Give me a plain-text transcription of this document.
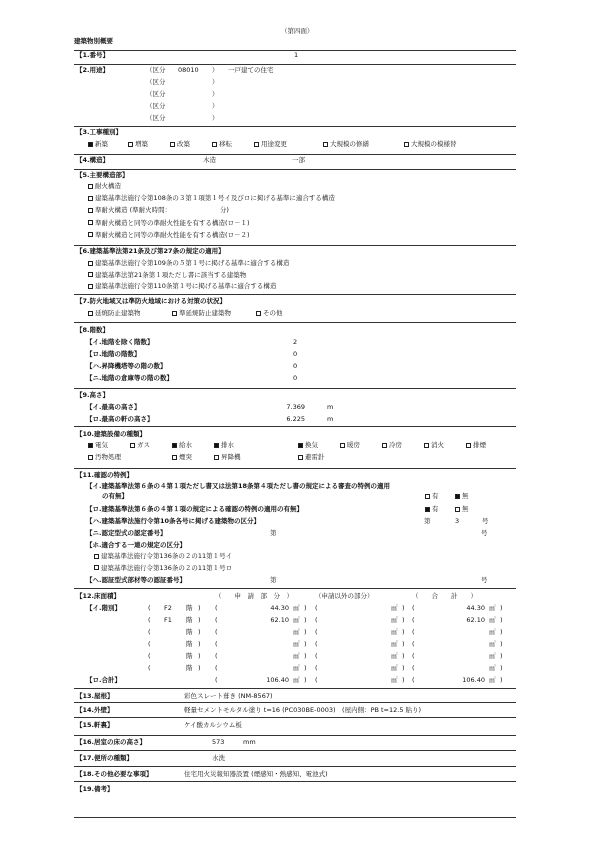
（第四面）
建築物別概要
【1.番号】	1
【2.用途】	（区分 08010 ） 一戸建ての住宅
（区分	）
（区分	）
（区分	）
（区分	）
【3.工事種別】
新築	増築	改築	移転	用途変更	大規模の修繕	大規模の模様替
【4.構造】	木造	一部
【5.主要構造部】
耐火構造
建築基準法施行令第108条の３第１項第１号イ及びロに掲げる基準に適合する構造
準耐火構造 (準耐火時間：　　　　　　　　分)
準耐火構造と同等の準耐火性能を有する構造(ロ－１)
準耐火構造と同等の準耐火性能を有する構造(ロ－２)
【6.建築基準法第21条及び第27条の規定の適用】
建築基準法施行令第109条の５第１号に掲げる基準に適合する構造
建築基準法第21条第１項ただし書に該当する建築物
建築基準法施行令第110条第１号に掲げる基準に適合する構造
【7.防火地域又は準防火地域における対策の状況】
延焼防止建築物	準延焼防止建築物	その他
【8.階数】
【イ.地階を除く階数】	2
【ロ.地階の階数】	0
【ハ.昇降機塔等の階の数】	0
【ニ.地階の倉庫等の階の数】	0
【9.高さ】
【イ.最高の高さ】	7.369	m
【ロ.最高の軒の高さ】	6.225	m
【10.建築設備の種類】
電気	ガス	給水	排水	換気	暖房	冷房	消火	排煙
汚物処理	煙突	昇降機	避雷針
【11.確認の特例】
【イ.建築基準法第６条の４第１項ただし書又は法第18条第４項ただし書の規定による審査の特例の適用
の有無】	有	無
【ロ.建築基準法第６条の４第１項の規定による確認の特例の適用の有無】	有	無
【ハ.建築基準法施行令第10条各号に掲げる建築物の区分】	第	3	号
【ニ.認定型式の認定番号】	第	号
【ホ.適合する一連の規定の区分】
建築基準法施行令第136条の２の11第１号イ
建築基準法施行令第136条の２の11第１号ロ
【ヘ.認証型式部材等の認証番号】	第	号
【12.床面積】	（　　申　請　部　分　）	（申請以外の部分）	（　　合　　計　　）
【イ.階別】	( F2 階 ) (	44.30 ㎡ ) (	㎡ ) (	44.30 ㎡ )
( F1 階 ) (	62.10 ㎡ ) (	㎡ ) (	62.10 ㎡ )
(	階 ) (	㎡ ) (	㎡ ) (	㎡ )
(	階 ) (	㎡ ) (	㎡ ) (	㎡ )
(	階 ) (	㎡ ) (	㎡ ) (	㎡ )
(	階 ) (	㎡ ) (	㎡ ) (	㎡ )
【ロ.合計】	(	106.40 ㎡ ) (	㎡ ) (	106.40 ㎡ )
【13.屋根】	彩色スレート葺き (NM-8567)
【14.外壁】	軽量セメントモルタル塗り t=16 (PC030BE-0003)　(屋内側：PB t=12.5 貼り)
【15.軒裏】	ケイ酸カルシウム板
【16.居室の床の高さ】	573	mm
【17.便所の種類】	水洗
【18.その他必要な事項】	住宅用火災報知器設置 (煙感知・熱感知、電池式)
【19.備考】
